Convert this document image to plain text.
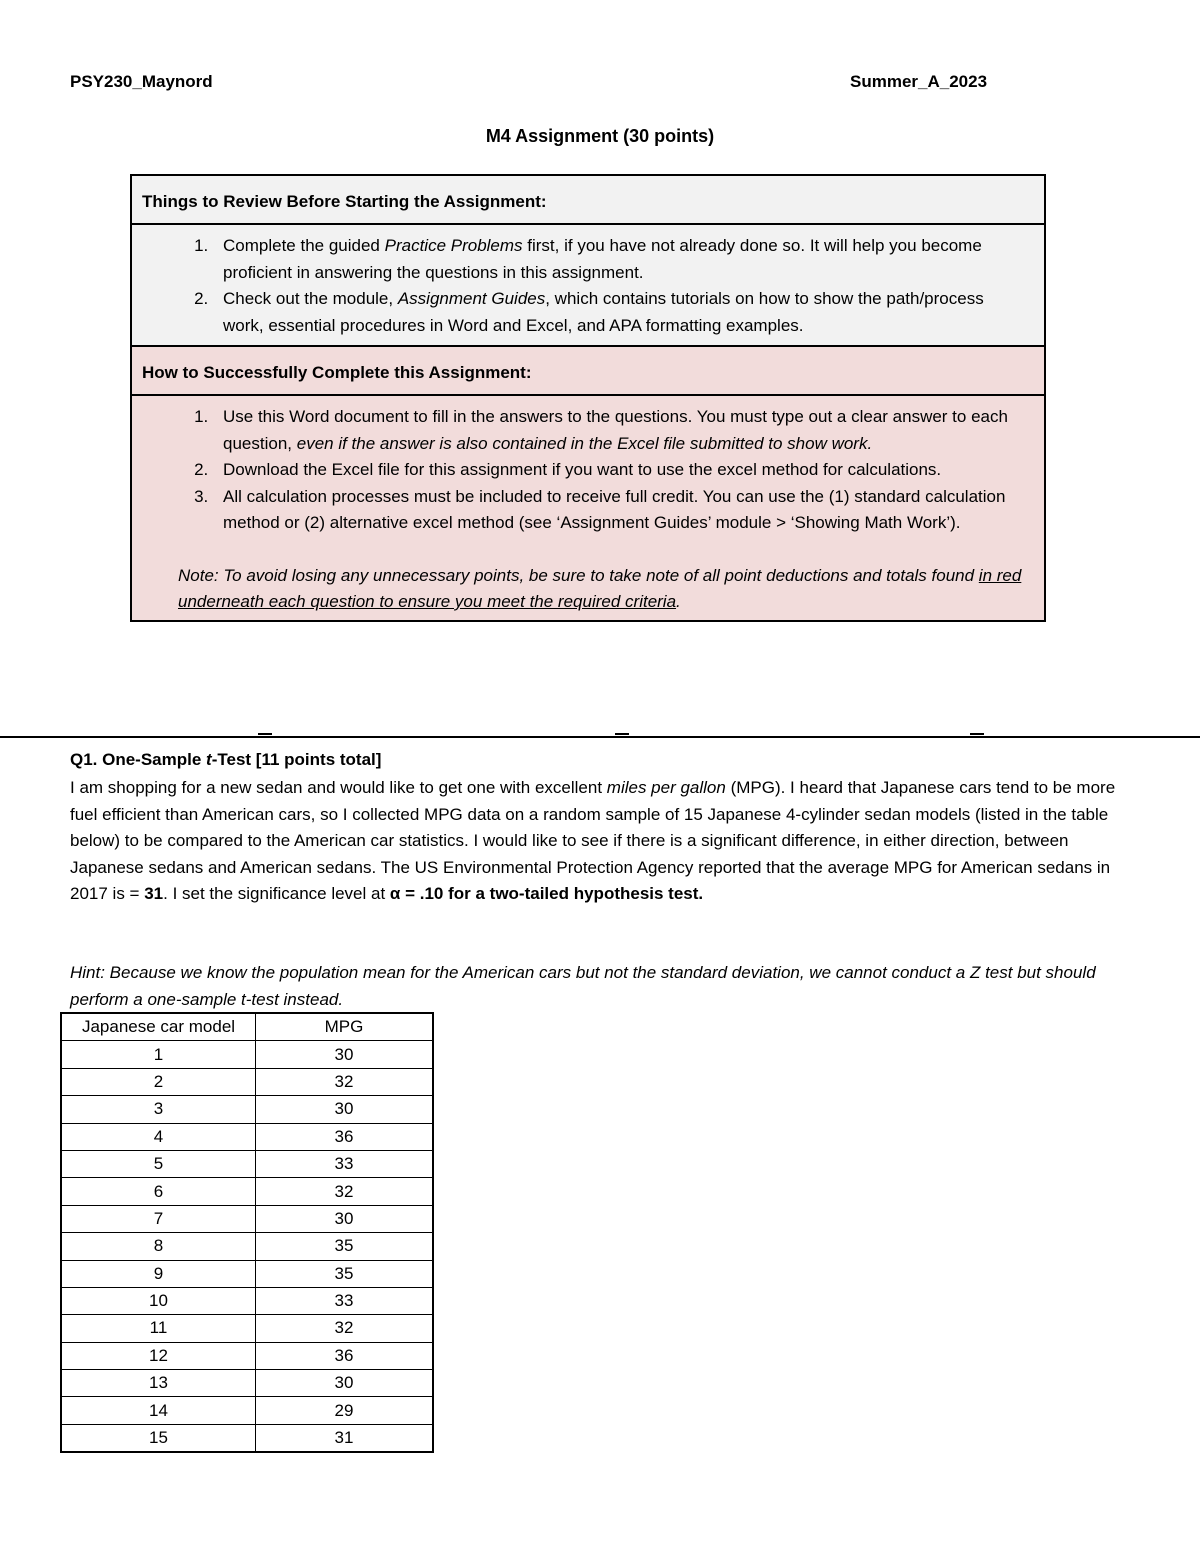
PSY230_Maynord	Summer_A_2023
M4 Assignment (30 points)
Things to Review Before Starting the Assignment:
1. Complete the guided Practice Problems first, if you have not already done so. It will help you become proficient in answering the questions in this assignment.
2. Check out the module, Assignment Guides, which contains tutorials on how to show the path/process work, essential procedures in Word and Excel, and APA formatting examples.
How to Successfully Complete this Assignment:
1. Use this Word document to fill in the answers to the questions. You must type out a clear answer to each question, even if the answer is also contained in the Excel file submitted to show work.
2. Download the Excel file for this assignment if you want to use the excel method for calculations.
3. All calculation processes must be included to receive full credit. You can use the (1) standard calculation method or (2) alternative excel method (see ‘Assignment Guides’ module > ‘Showing Math Work’).
Note: To avoid losing any unnecessary points, be sure to take note of all point deductions and totals found in red underneath each question to ensure you meet the required criteria.
Q1. One-Sample t-Test [11 points total]
I am shopping for a new sedan and would like to get one with excellent miles per gallon (MPG). I heard that Japanese cars tend to be more fuel efficient than American cars, so I collected MPG data on a random sample of 15 Japanese 4-cylinder sedan models (listed in the table below) to be compared to the American car statistics. I would like to see if there is a significant difference, in either direction, between Japanese sedans and American sedans. The US Environmental Protection Agency reported that the average MPG for American sedans in 2017 is = 31. I set the significance level at α = .10 for a two-tailed hypothesis test.
Hint: Because we know the population mean for the American cars but not the standard deviation, we cannot conduct a Z test but should perform a one-sample t-test instead.
Japanese car model	MPG
1	30
2	32
3	30
4	36
5	33
6	32
7	30
8	35
9	35
10	33
11	32
12	36
13	30
14	29
15	31
